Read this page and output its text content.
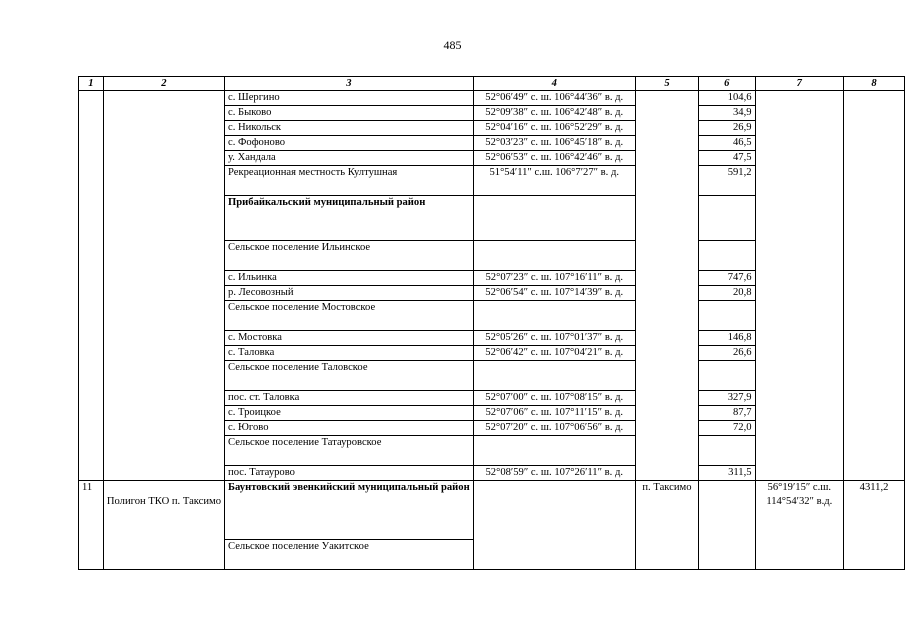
485
1	2	3	4	5	6	7	8
		с. Шергино	52°06′49″ с. ш. 106°44′36″ в. д.		104,6		
		с. Быково	52°09′38″ с. ш. 106°42′48″ в. д.		34,9		
		с. Никольск	52°04′16″ с. ш. 106°52′29″ в. д.		26,9		
		с. Фофоново	52°03′23″ с. ш. 106°45′18″ в. д.		46,5		
		у. Хандала	52°06′53″ с. ш. 106°42′46″ в. д.		47,5		
		Рекреационная местность Култушная	51°54′11″ с.ш. 106°7′27″ в. д.		591,2		
		Прибайкальский муниципальный район					
		Сельское поселение Ильинское					
		с. Ильинка	52°07′23″ с. ш. 107°16′11″ в. д.		747,6		
		р. Лесовозный	52°06′54″ с. ш. 107°14′39″ в. д.		20,8		
		Сельское поселение Мостовское					
		с. Мостовка	52°05′26″ с. ш. 107°01′37″ в. д.		146,8		
		с. Таловка	52°06′42″ с. ш. 107°04′21″ в. д.		26,6		
		Сельское поселение Таловское					
		пос. ст. Таловка	52°07′00″ с. ш. 107°08′15″ в. д.		327,9		
		с. Троицкое	52°07′06″ с. ш. 107°11′15″ в. д.		87,7		
		с. Югово	52°07′20″ с. ш. 107°06′56″ в. д.		72,0		
		Сельское поселение Татауровское					
		пос. Татаурово	52°08′59″ с. ш. 107°26′11″ в. д.		311,5		
11	Полигон ТКО п. Таксимо	Баунтовский эвенкийский муниципальный район		п. Таксимо		56°19′15″ с.ш.
114°54′32″ в.д.	4311,2
		Сельское поселение Уакитское					
